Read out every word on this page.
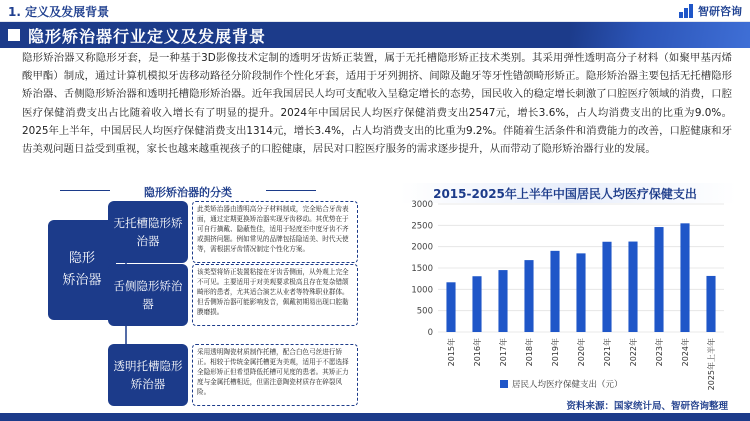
1. 定义及发展背景	智研咨询
隐形矫治器行业定义及发展背景
隐形矫治器又称隐形牙套，是一种基于3D影像技术定制的透明牙齿矫正装置，属于无托槽隐形矫正技术类别。其采用弹性透明高分子材料（如聚甲基丙烯酸甲酯）制成，通过计算机模拟牙齿移动路径分阶段制作个性化牙套，适用于牙列拥挤、间隙及龅牙等牙性错颌畸形矫正。隐形矫治器主要包括无托槽隐形矫治器、舌侧隐形矫治器和透明托槽隐形矫治器。近年我国居民人均可支配收入呈稳定增长的态势，国民收入的稳定增长刺激了口腔医疗领域的消费，口腔医疗保健消费支出占比随着收入增长有了明显的提升。2024年中国居民人均医疗保健消费支出2547元，增长3.6%，占人均消费支出的比重为9.0%。2025年上半年，中国居民人均医疗保健消费支出1314元，增长3.4%，占人均消费支出的比重为9.2%。伴随着生活条件和消费能力的改善，口腔健康和牙齿美观问题日益受到重视，家长也越来越重视孩子的口腔健康，居民对口腔医疗服务的需求逐步提升，从而带动了隐形矫治器行业的发展。
隐形矫治器的分类
隐形
矫治器
无托槽隐形矫治器
此类矫治器由透明高分子材料制成，完全贴合牙齿表面，通过定期更换矫治器实现牙齿移动。其优势在于可自行摘戴、隐蔽性佳，适用于轻度至中度牙齿不齐或拥挤问题。例如常见的品牌包括隐适美、时代天使等，需根据牙齿情况制定个性化方案。
舌侧隐形矫治器
该类型将矫正装置粘接在牙齿舌侧面，从外观上完全不可见。主要适用于对美观要求极高且存在复杂错颌畸形的患者，尤其适合演艺从业者等特殊职业群体。但舌侧矫治器可能影响发音，佩戴初期易出现口腔黏膜磨损。
透明托槽隐形矫治器
采用透明陶瓷材质制作托槽，配合白色弓丝进行矫正。相较于传统金属托槽更为美观，适用于不愿选择全隐形矫正但希望降低托槽可见度的患者。其矫正力度与金属托槽相近，但需注意陶瓷材质存在碎裂风险。
2015-2025年上半年中国居民人均医疗保健支出
0
500
1000
1500
2000
2500
3000
2015年 2016年 2017年 2018年 2019年 2020年 2021年 2022年 2023年 2024年 2025年上半年
居民人均医疗保健支出（元）
资料来源：国家统计局、智研咨询整理
